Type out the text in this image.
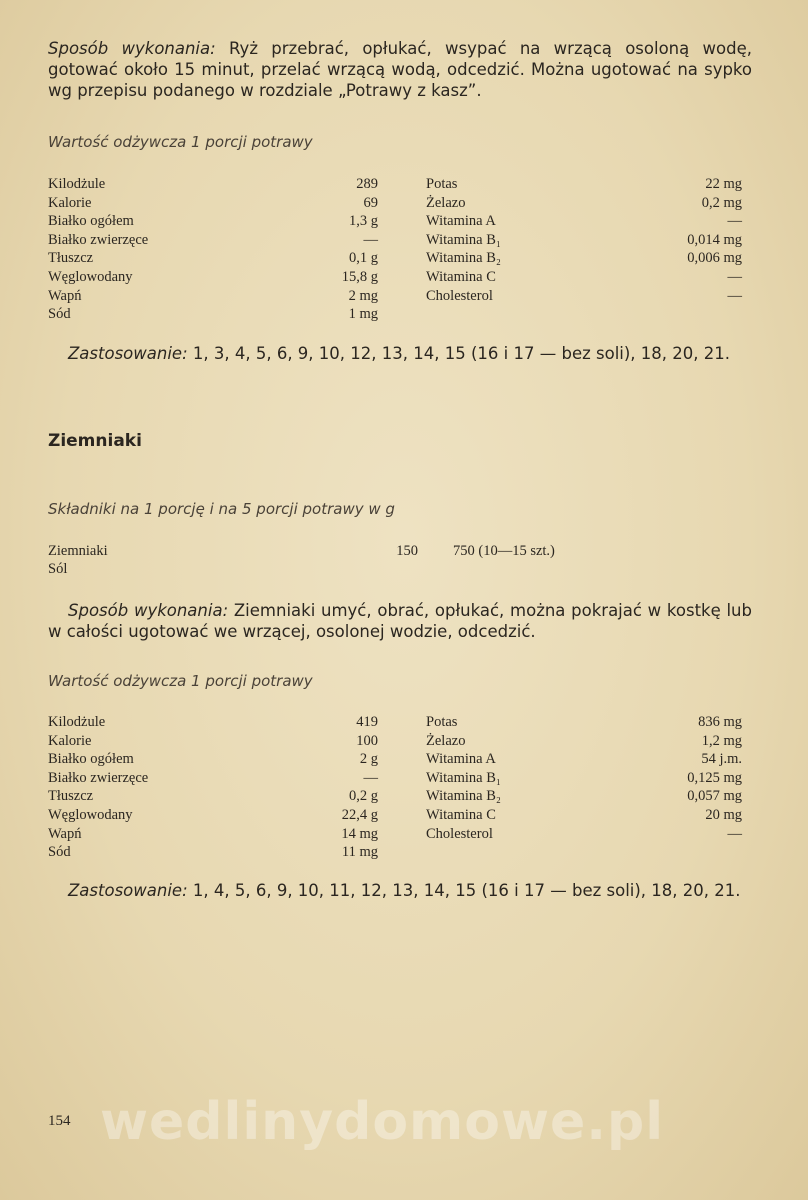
Sposób wykonania: Ryż przebrać, opłukać, wsypać na wrzącą osoloną wodę, gotować około 15 minut, przelać wrzącą wodą, odcedzić. Można ugotować na sypko wg przepisu podanego w rozdziale „Potrawy z kasz”.
Wartość odżywcza 1 porcji potrawy
Kilodżule	289
Kalorie	69
Białko ogółem	1,3 g
Białko zwierzęce	—
Tłuszcz	0,1 g
Węglowodany	15,8 g
Wapń	2 mg
Sód	1 mg
Potas	22 mg
Żelazo	0,2 mg
Witamina A	—
Witamina B₁	0,014 mg
Witamina B₂	0,006 mg
Witamina C	—
Cholesterol	—
Zastosowanie: 1, 3, 4, 5, 6, 9, 10, 12, 13, 14, 15 (16 i 17 — bez soli), 18, 20, 21.
Ziemniaki
Składniki na 1 porcję i na 5 porcji potrawy w g
Ziemniaki	150 750 (10—15 szt.)
Sól
Sposób wykonania: Ziemniaki umyć, obrać, opłukać, można pokrajać w kostkę lub w całości ugotować we wrzącej, osolonej wodzie, odcedzić.
Wartość odżywcza 1 porcji potrawy
Kilodżule	419
Kalorie	100
Białko ogółem	2 g
Białko zwierzęce	—
Tłuszcz	0,2 g
Węglowodany	22,4 g
Wapń	14 mg
Sód	11 mg
Potas	836 mg
Żelazo	1,2 mg
Witamina A	54 j.m.
Witamina B₁	0,125 mg
Witamina B₂	0,057 mg
Witamina C	20 mg
Cholesterol	—
Zastosowanie: 1, 4, 5, 6, 9, 10, 11, 12, 13, 14, 15 (16 i 17 — bez soli), 18, 20, 21.
wedlinydomowe.pl
154
